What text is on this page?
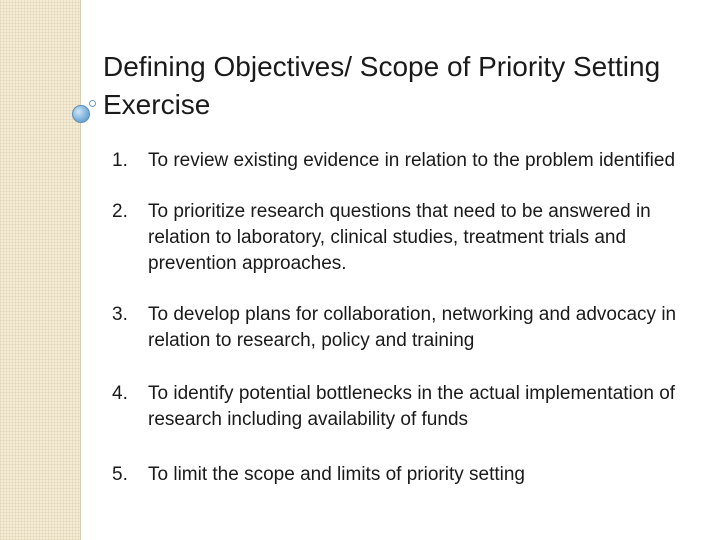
Defining Objectives/ Scope of Priority Setting Exercise
1.	To review existing evidence in relation to the problem identified
2.	To prioritize research questions that need to be answered in relation to laboratory, clinical studies, treatment trials and prevention approaches.
3.	To develop plans for collaboration, networking and advocacy in relation to research, policy and training
4.	To identify potential bottlenecks in the actual implementation of research including availability of funds
5.	To limit the scope and limits of priority setting
